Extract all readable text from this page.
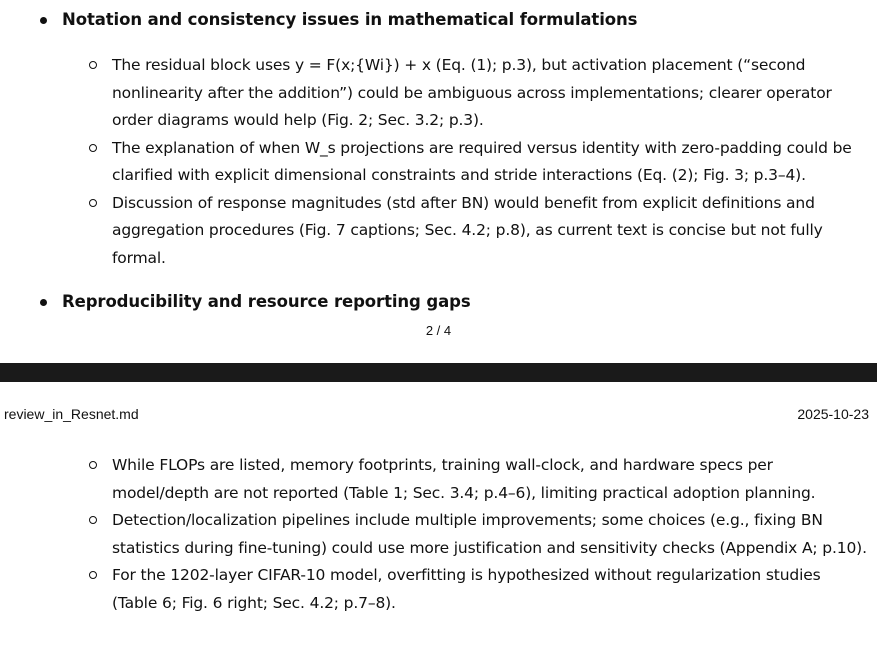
Notation and consistency issues in mathematical formulations
The residual block uses y = F(x;{Wi}) + x (Eq. (1); p.3), but activation placement (“second nonlinearity after the addition”) could be ambiguous across implementations; clearer operator order diagrams would help (Fig. 2; Sec. 3.2; p.3).
The explanation of when W_s projections are required versus identity with zero-padding could be clarified with explicit dimensional constraints and stride interactions (Eq. (2); Fig. 3; p.3–4).
Discussion of response magnitudes (std after BN) would benefit from explicit definitions and aggregation procedures (Fig. 7 captions; Sec. 4.2; p.8), as current text is concise but not fully formal.
Reproducibility and resource reporting gaps
2 / 4
review_in_Resnet.md	2025-10-23
While FLOPs are listed, memory footprints, training wall-clock, and hardware specs per model/depth are not reported (Table 1; Sec. 3.4; p.4–6), limiting practical adoption planning.
Detection/localization pipelines include multiple improvements; some choices (e.g., fixing BN statistics during fine-tuning) could use more justification and sensitivity checks (Appendix A; p.10).
For the 1202-layer CIFAR-10 model, overfitting is hypothesized without regularization studies (Table 6; Fig. 6 right; Sec. 4.2; p.7–8).
